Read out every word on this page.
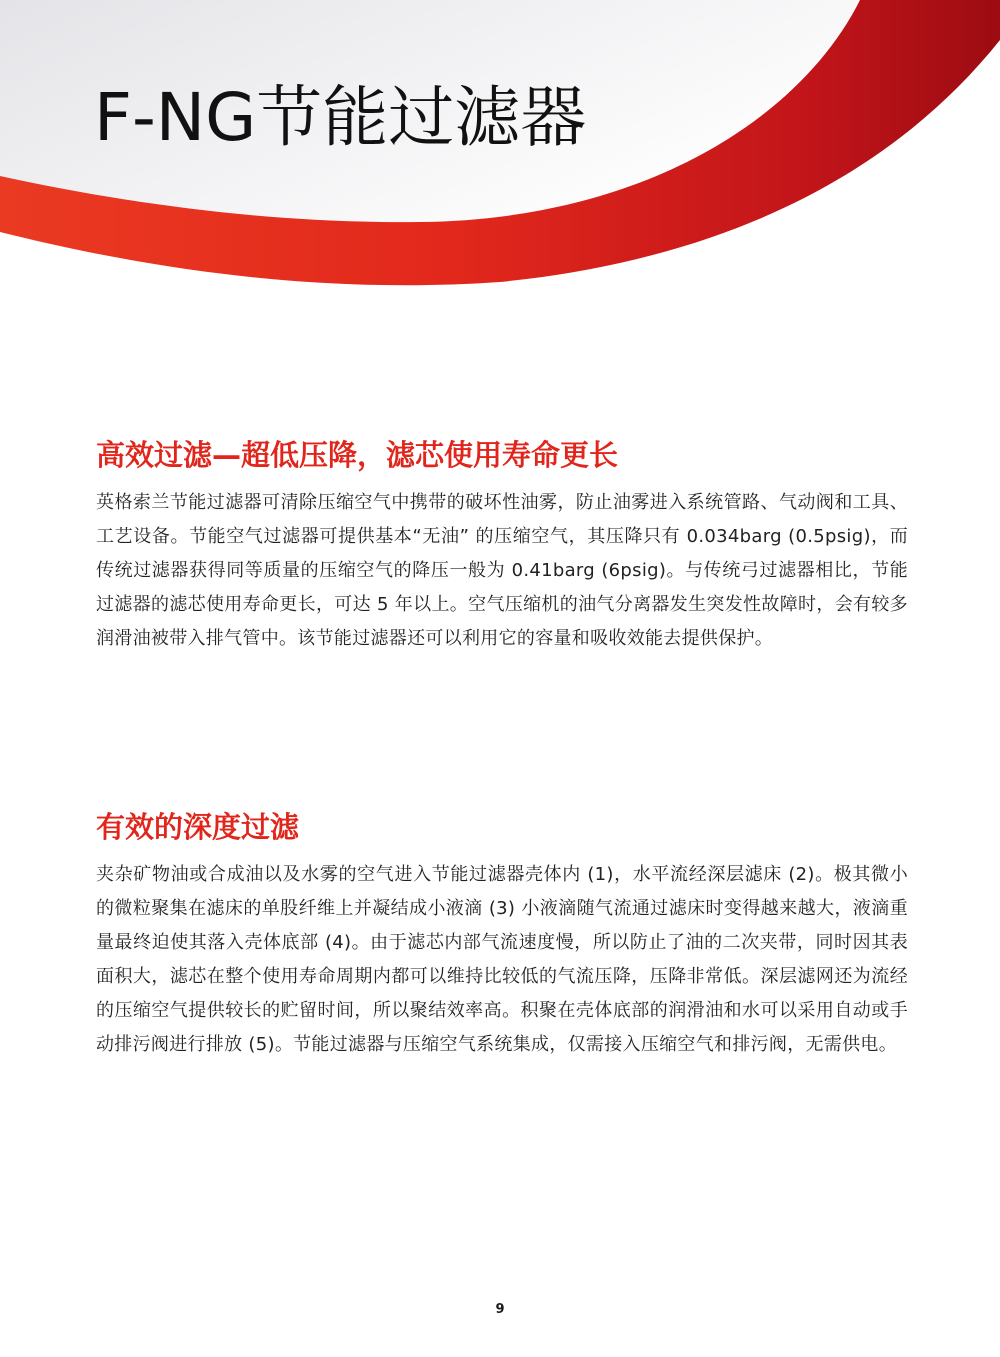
F-NG节能过滤器
高效过滤—超低压降，滤芯使用寿命更长

英格索兰节能过滤器可清除压缩空气中携带的破坏性油雾，防止油雾进入系统管路、气动阀和工具、工艺设备。节能空气过滤器可提供基本“无油” 的压缩空气，其压降只有 0.034barg (0.5psig)，而传统过滤器获得同等质量的压缩空气的降压一般为 0.41barg (6psig)。与传统弓过滤器相比，节能过滤器的滤芯使用寿命更长，可达 5 年以上。空气压缩机的油气分离器发生突发性故障时，会有较多润滑油被带入排气管中。该节能过滤器还可以利用它的容量和吸收效能去提供保护。

有效的深度过滤

夹杂矿物油或合成油以及水雾的空气进入节能过滤器壳体内 (1)，水平流经深层滤床 (2)。极其微小的微粒聚集在滤床的单股纤维上并凝结成小液滴 (3) 小液滴随气流通过滤床时变得越来越大，液滴重量最终迫使其落入壳体底部 (4)。由于滤芯内部气流速度慢，所以防止了油的二次夹带，同时因其表面积大，滤芯在整个使用寿命周期内都可以维持比较低的气流压降，压降非常低。深层滤网还为流经的压缩空气提供较长的贮留时间，所以聚结效率高。积聚在壳体底部的润滑油和水可以采用自动或手动排污阀进行排放 (5)。节能过滤器与压缩空气系统集成，仅需接入压缩空气和排污阀，无需供电。

9
